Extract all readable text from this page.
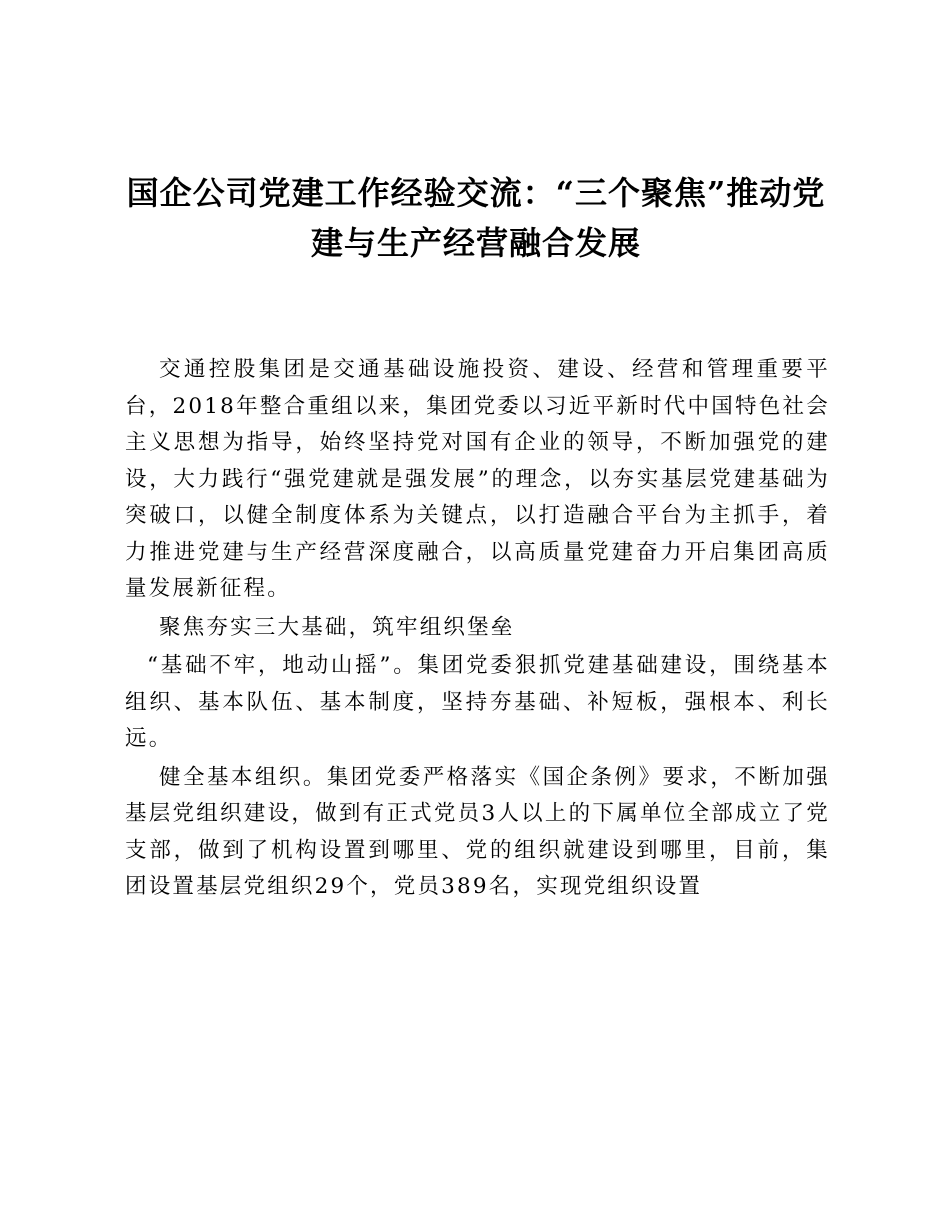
国企公司党建工作经验交流：“三个聚焦”推动党建与生产经营融合发展

交通控股集团是交通基础设施投资、建设、经营和管理重要平台，2018年整合重组以来，集团党委以习近平新时代中国特色社会主义思想为指导，始终坚持党对国有企业的领导，不断加强党的建设，大力践行“强党建就是强发展”的理念，以夯实基层党建基础为突破口，以健全制度体系为关键点，以打造融合平台为主抓手，着力推进党建与生产经营深度融合，以高质量党建奋力开启集团高质量发展新征程。

聚焦夯实三大基础，筑牢组织堡垒

“基础不牢，地动山摇”。集团党委狠抓党建基础建设，围绕基本组织、基本队伍、基本制度，坚持夯基础、补短板，强根本、利长远。

健全基本组织。集团党委严格落实《国企条例》要求，不断加强基层党组织建设，做到有正式党员3人以上的下属单位全部成立了党支部，做到了机构设置到哪里、党的组织就建设到哪里，目前，集团设置基层党组织29个，党员389名，实现党组织设置
